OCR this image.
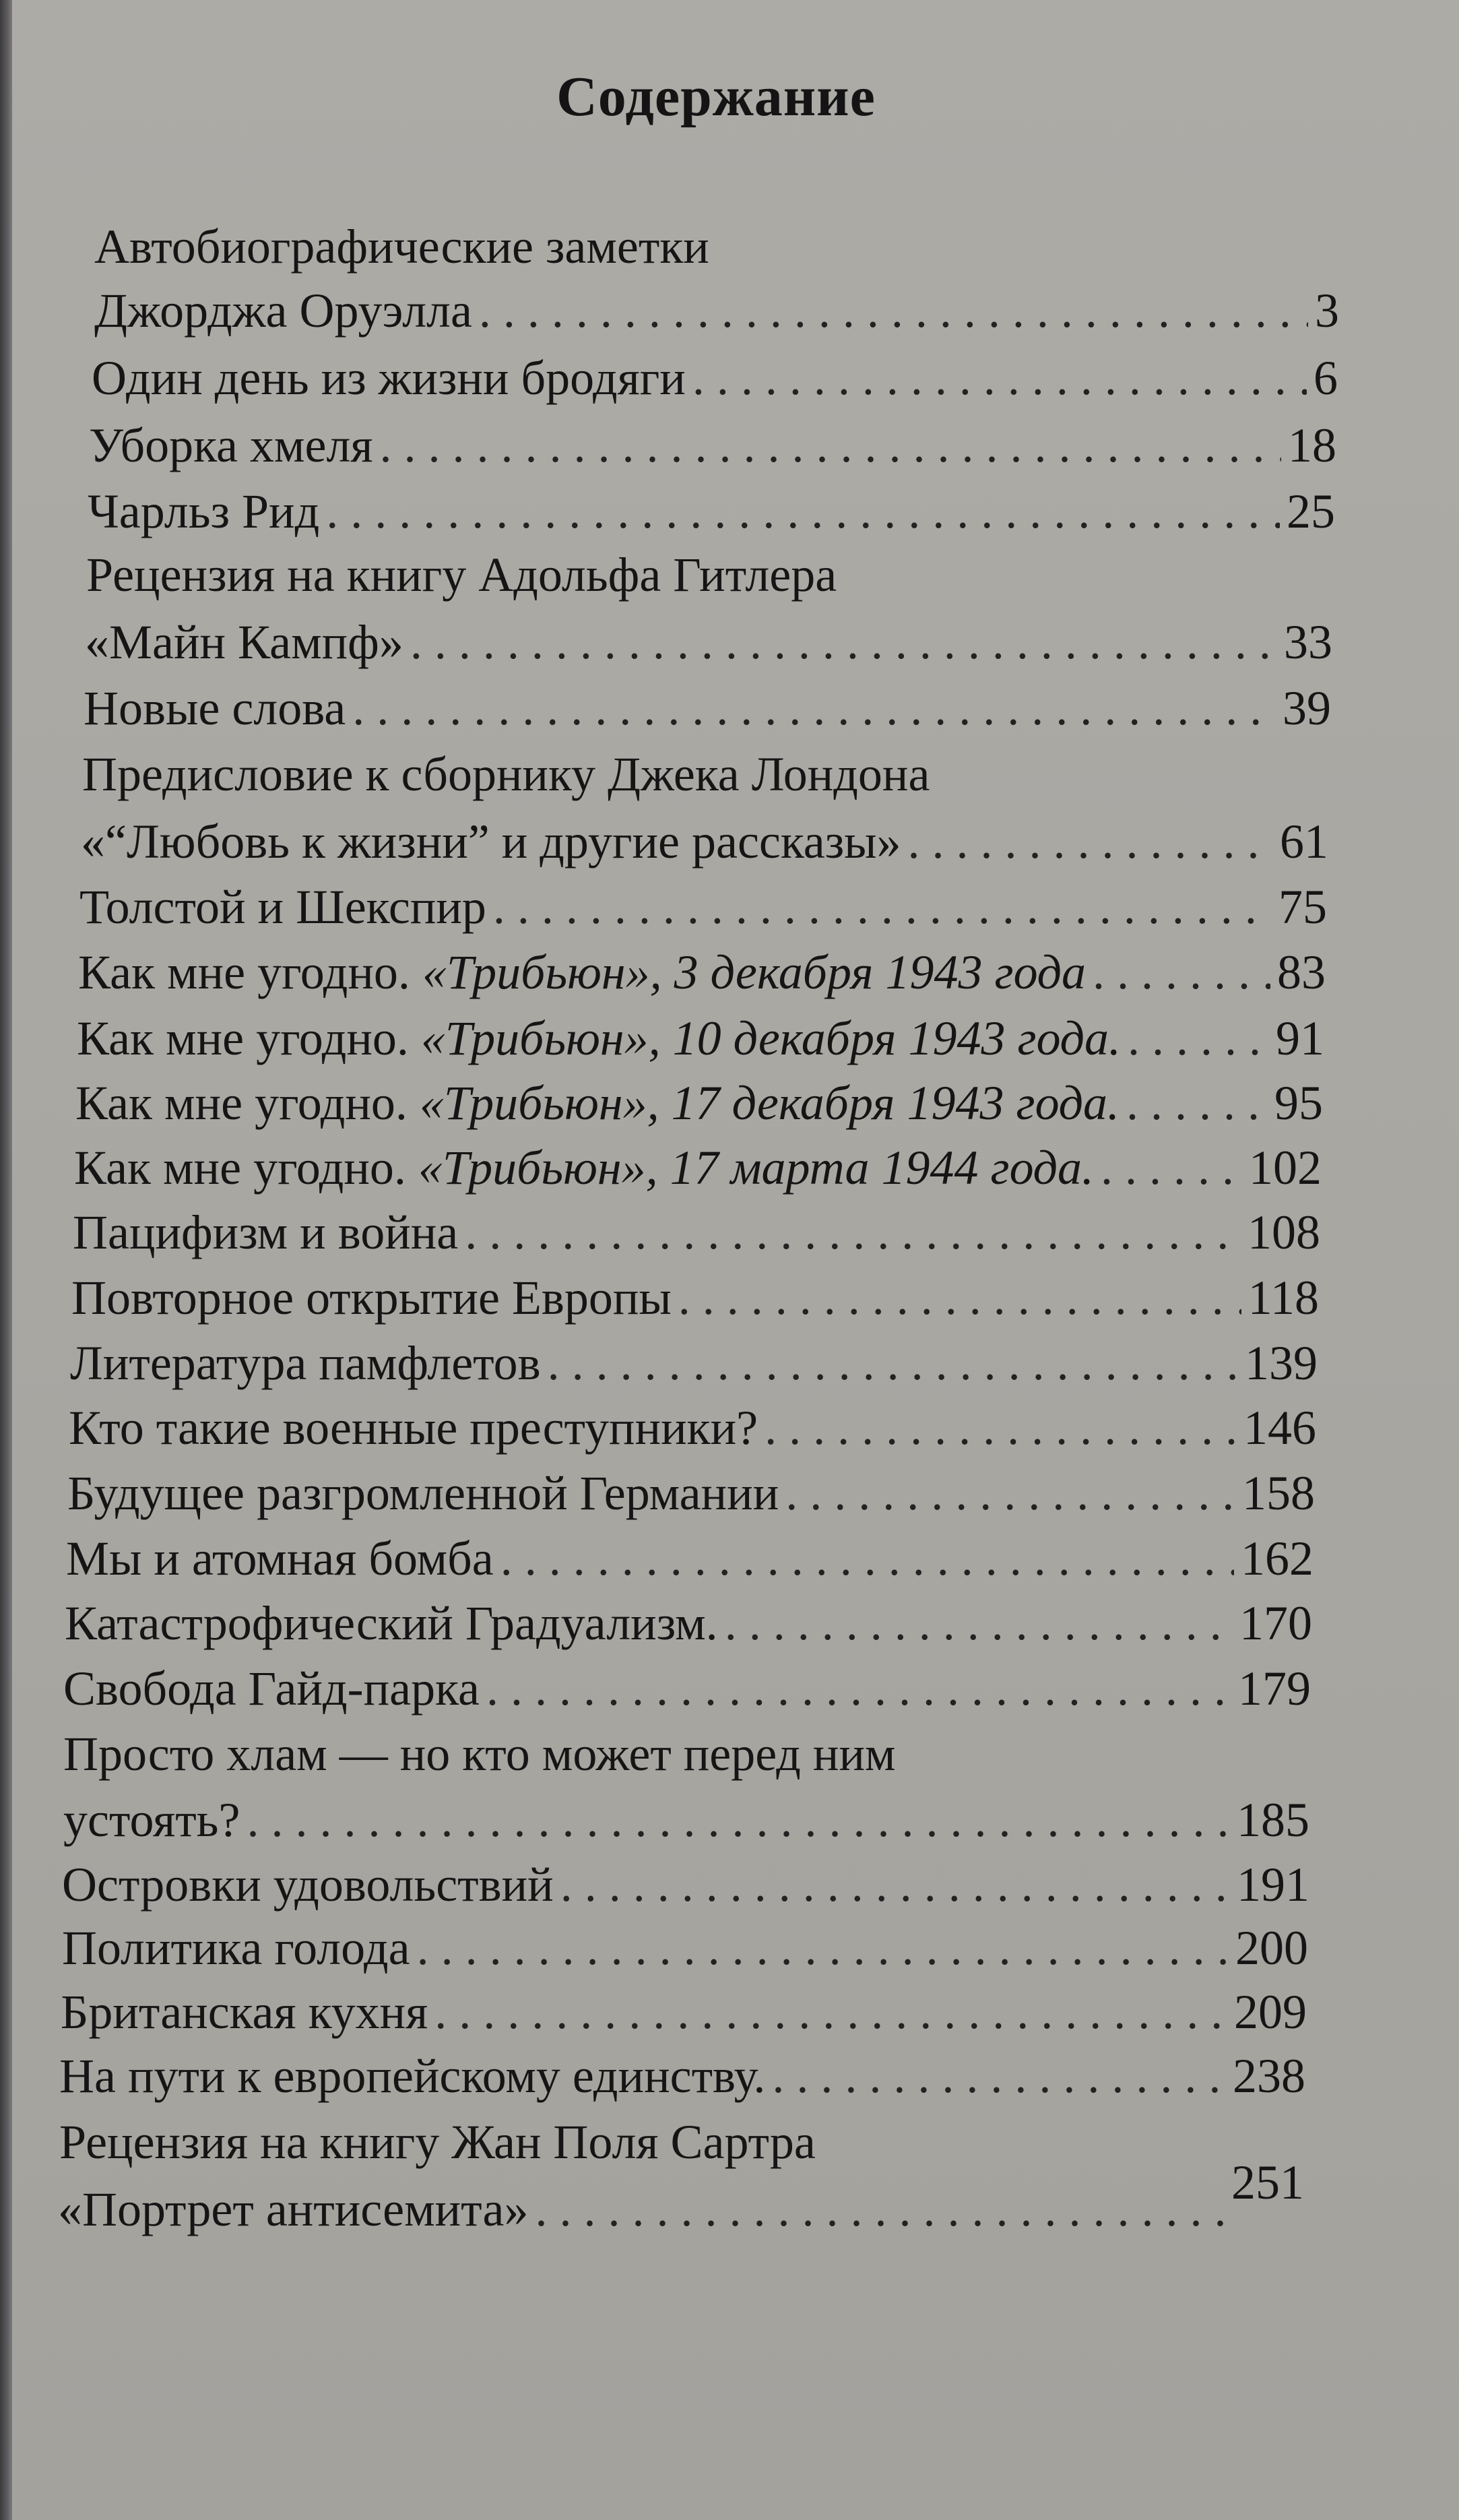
Содержание
Автобиографические заметки
Джорджа Оруэлла . . .	3
Один день из жизни бродяги . . .	6
Уборка хмеля . . .	18
Чарльз Рид . . .	25
Рецензия на книгу Адольфа Гитлера
«Майн Кампф» . . .	33
Новые слова . . .	39
Предисловие к сборнику Джека Лондона
«“Любовь к жизни” и другие рассказы» . . .	61
Толстой и Шекспир . . .	75
Как мне угодно. «Трибьюн», 3 декабря 1943 года . . .	83
Как мне угодно. «Трибьюн», 10 декабря 1943 года. . . .	91
Как мне угодно. «Трибьюн», 17 декабря 1943 года. . . .	95
Как мне угодно. «Трибьюн», 17 марта 1944 года. . . .	102
Пацифизм и война . . .	108
Повторное открытие Европы . . .	118
Литература памфлетов . . .	139
Кто такие военные преступники? . . .	146
Будущее разгромленной Германии . . .	158
Мы и атомная бомба . . .	162
Катастрофический Градуализм. . . .	170
Свобода Гайд-парка . . .	179
Просто хлам — но кто может перед ним
устоять? . . .	185
Островки удовольствий . . .	191
Политика голода . . .	200
Британская кухня . . .	209
На пути к европейскому единству. . . .	238
Рецензия на книгу Жан Поля Сартра
«Портрет антисемита» . . .	251
